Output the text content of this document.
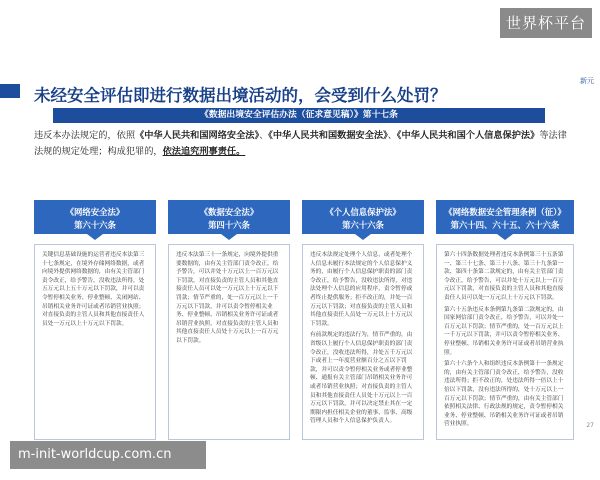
世界杯平台
新元
未经安全评估即进行数据出境活动的，会受到什么处罚？
《数据出境安全评估办法（征求意见稿）》第十七条
违反本办法规定的，依照《中华人民共和国网络安全法》、《中华人民共和国数据安全法》、《中华人民共和国个人信息保护法》等法律法规的规定处理；构成犯罪的，依法追究刑事责任。
《网络安全法》
第六十六条

关键信息基础设施的运营者违反本法第三十七条规定，在境外存储网络数据，或者向境外提供网络数据的，由有关主管部门责令改正，给予警告，没收违法所得，处五万元以上五十万元以下罚款，并可以责令暂停相关业务、停业整顿、关闭网站、吊销相关业务许可证或者吊销营业执照；对直接负责的主管人员和其他直接责任人员处一万元以上十万元以下罚款。

《数据安全法》
第四十六条

违反本法第三十一条规定，向境外提供重要数据的，由有关主管部门责令改正，给予警告，可以并处十万元以上一百万元以下罚款，对直接负责的主管人员和其他直接责任人员可以处一万元以上十万元以下罚款；情节严重的，处一百万元以上一千万元以下罚款，并可以责令暂停相关业务、停业整顿、吊销相关业务许可证或者吊销营业执照，对直接负责的主管人员和其他直接责任人员处十万元以上一百万元以下罚款。

《个人信息保护法》
第六十六条

违反本法规定处理个人信息，或者处理个人信息未履行本法规定的个人信息保护义务的，由履行个人信息保护职责的部门责令改正，给予警告，没收违法所得，对违法处理个人信息的应用程序，责令暂停或者终止提供服务；拒不改正的，并处一百万元以下罚款；对直接负责的主管人员和其他直接责任人员处一万元以上十万元以下罚款。

有前款规定的违法行为，情节严重的，由省级以上履行个人信息保护职责的部门责令改正，没收违法所得，并处五千万元以下或者上一年度营业额百分之五以下罚款，并可以责令暂停相关业务或者停业整顿、通报有关主管部门吊销相关业务许可或者吊销营业执照；对直接负责的主管人员和其他直接责任人员处十万元以上一百万元以下罚款，并可以决定禁止其在一定期限内担任相关企业的董事、监事、高级管理人员和个人信息保护负责人。

《网络数据安全管理条例（征）》
第六十四、六十五、六十六条

第六十四条数据处理者违反本条例第三十五条第一、第三十七条、第三十八条、第三十九条第一款、第四十条第二款规定的，由有关主管部门责令改正，给予警告，可以并处十万元以上一百万元以下罚款，对直接负责的主管人员和其他直接责任人员可以处一万元以上十万元以下罚款。

第六十五条违反本条例第九条第二款规定的，由国家网信部门责令改正，给予警告，可以并处一百万元以下罚款；情节严重的，处一百万元以上一千万元以下罚款，并可以责令暂停相关业务、停业整顿、吊销相关业务许可证或者吊销营业执照。

第六十六条个人和组织违反本条例第十一条规定的，由有关主管部门责令改正，给予警告，没收违法所得；拒不改正的，处违法所得一倍以上十倍以下罚款，没有违法所得的，处十万元以上一百万元以下罚款；情节严重的，由有关主管部门依照相关法律、行政法规的规定，责令暂停相关业务、停业整顿、吊销相关业务许可证或者吊销营业执照。	27
m-init-worldcup.com.cn
